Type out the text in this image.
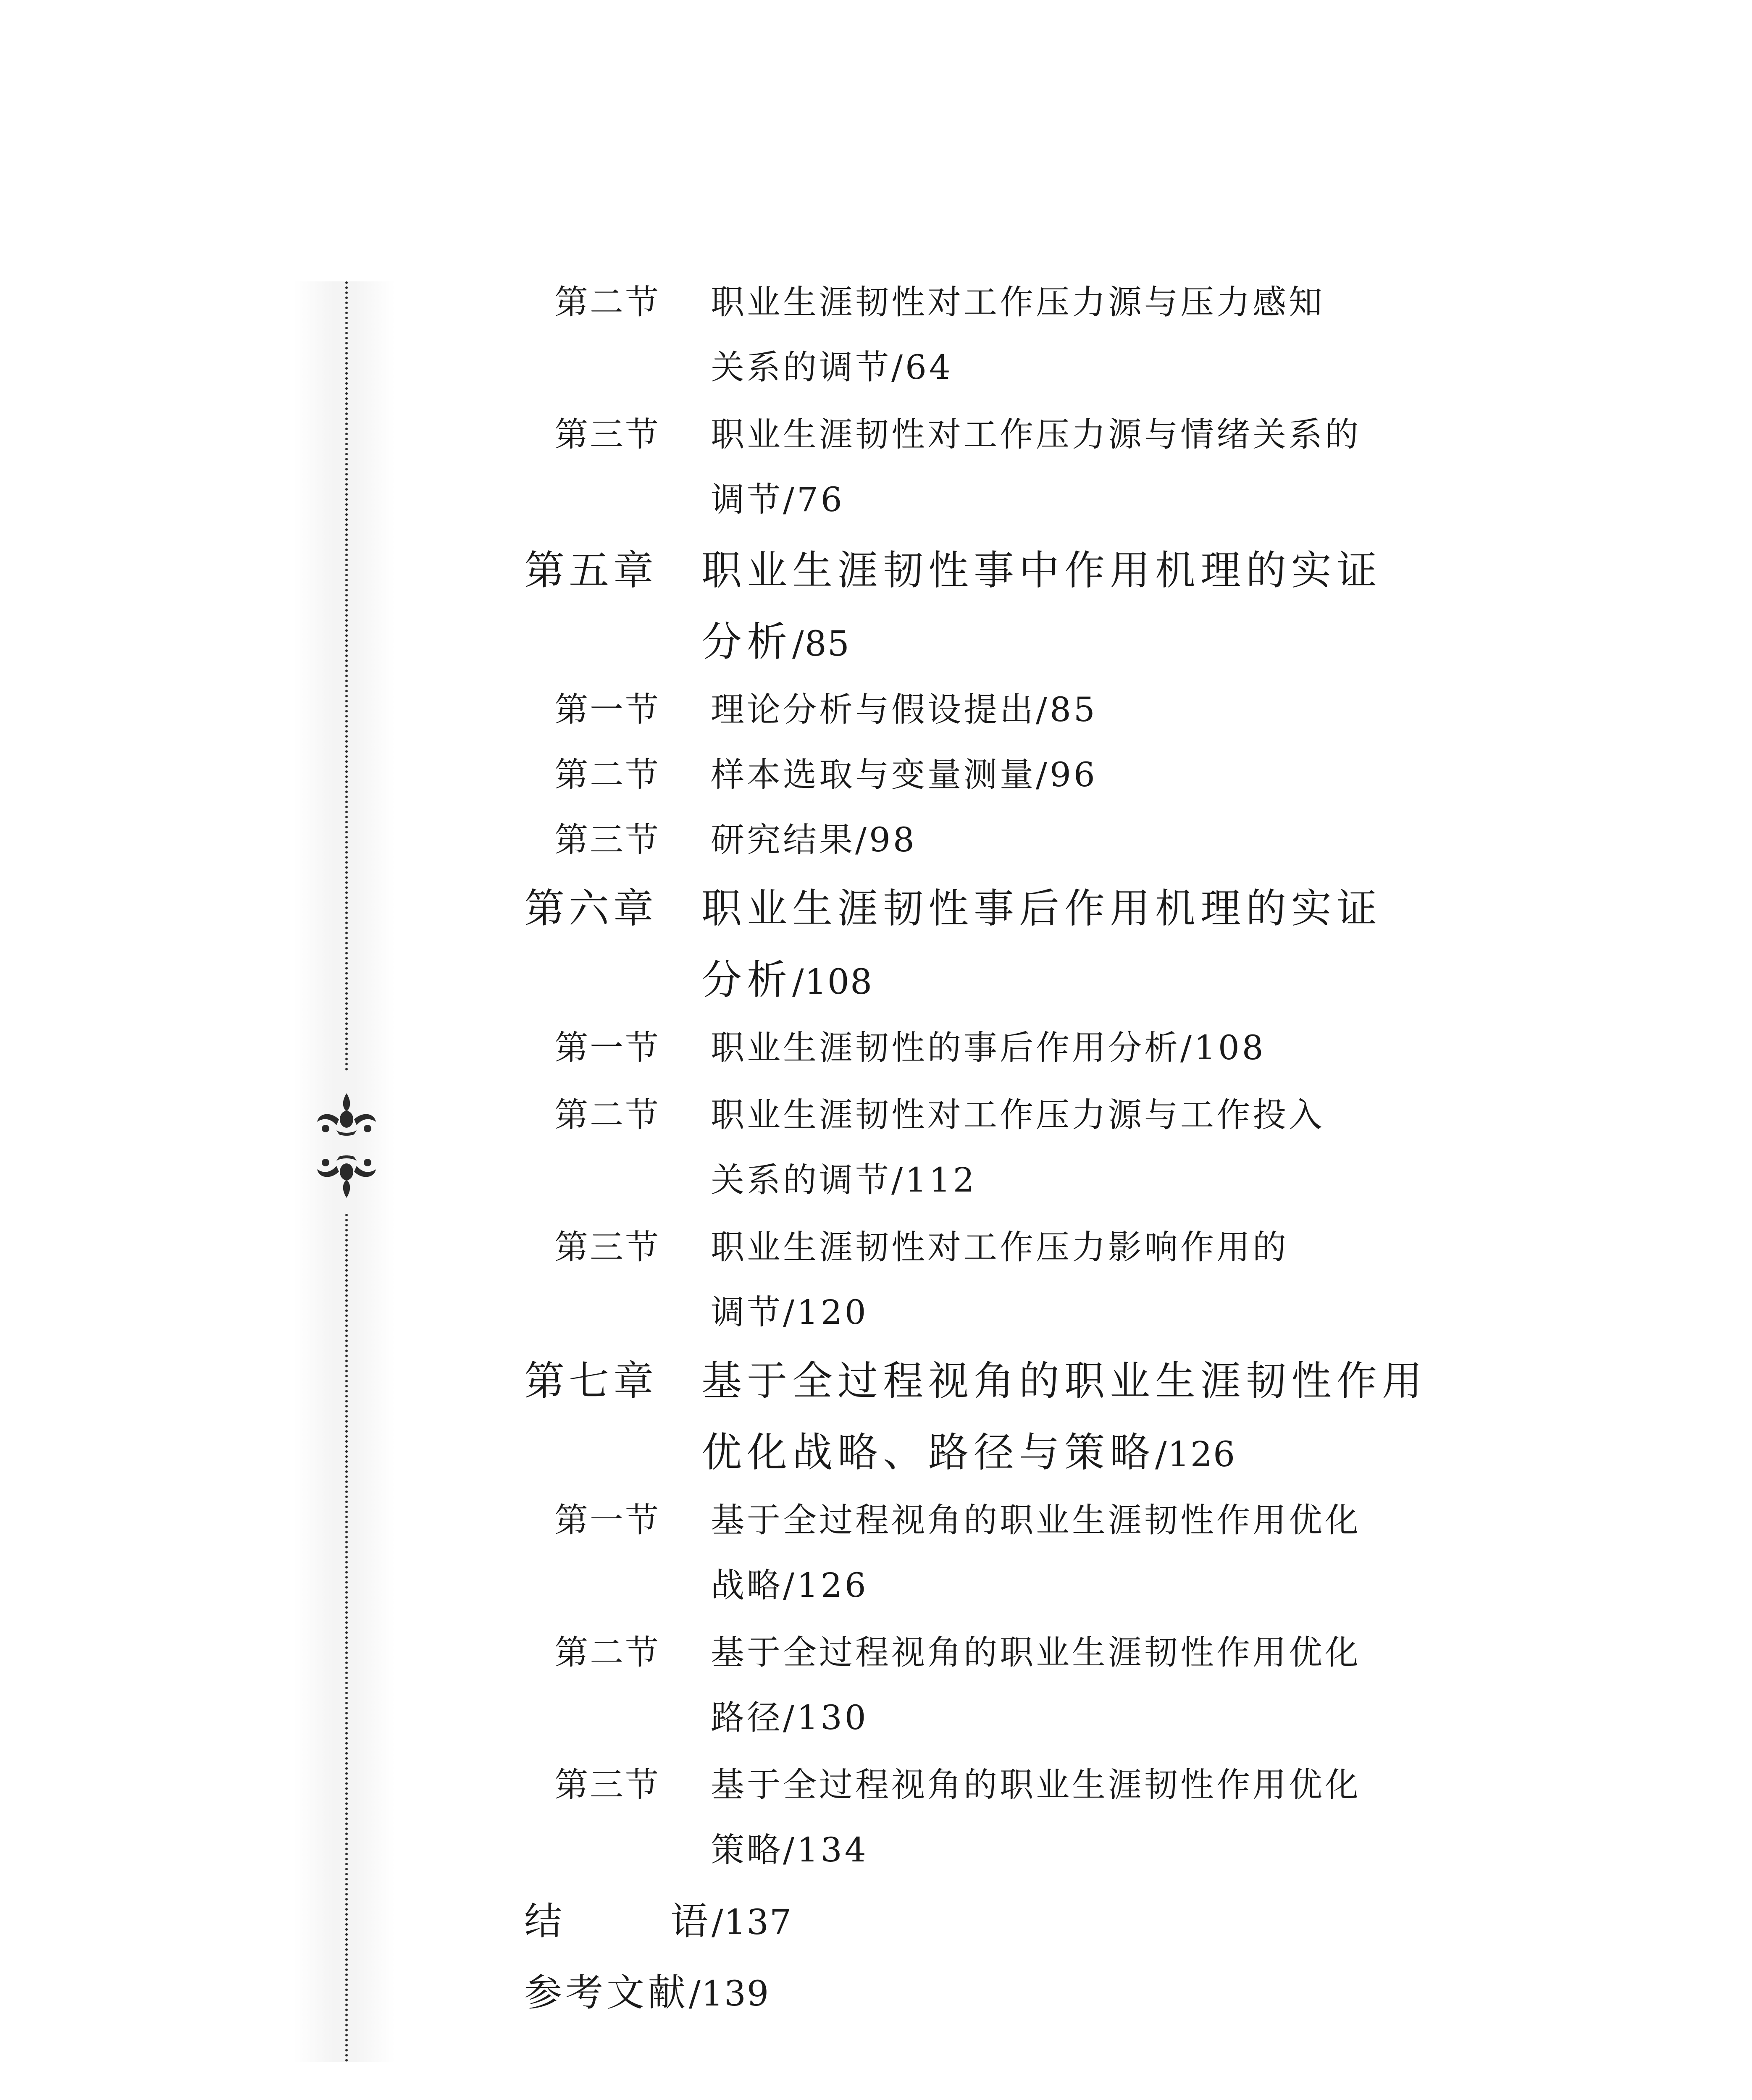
第二节 职业生涯韧性对工作压力源与压力感知
关系的调节/64
第三节 职业生涯韧性对工作压力源与情绪关系的
调节/76
第五章 职业生涯韧性事中作用机理的实证
分析/85
第一节 理论分析与假设提出/85
第二节 样本选取与变量测量/96
第三节 研究结果/98
第六章 职业生涯韧性事后作用机理的实证
分析/108
第一节 职业生涯韧性的事后作用分析/108
第二节 职业生涯韧性对工作压力源与工作投入
关系的调节/112
第三节 职业生涯韧性对工作压力影响作用的
调节/120
第七章 基于全过程视角的职业生涯韧性作用
优化战略、路径与策略/126
第一节 基于全过程视角的职业生涯韧性作用优化
战略/126
第二节 基于全过程视角的职业生涯韧性作用优化
路径/130
第三节 基于全过程视角的职业生涯韧性作用优化
策略/134
结	语/137
参考文献/139
